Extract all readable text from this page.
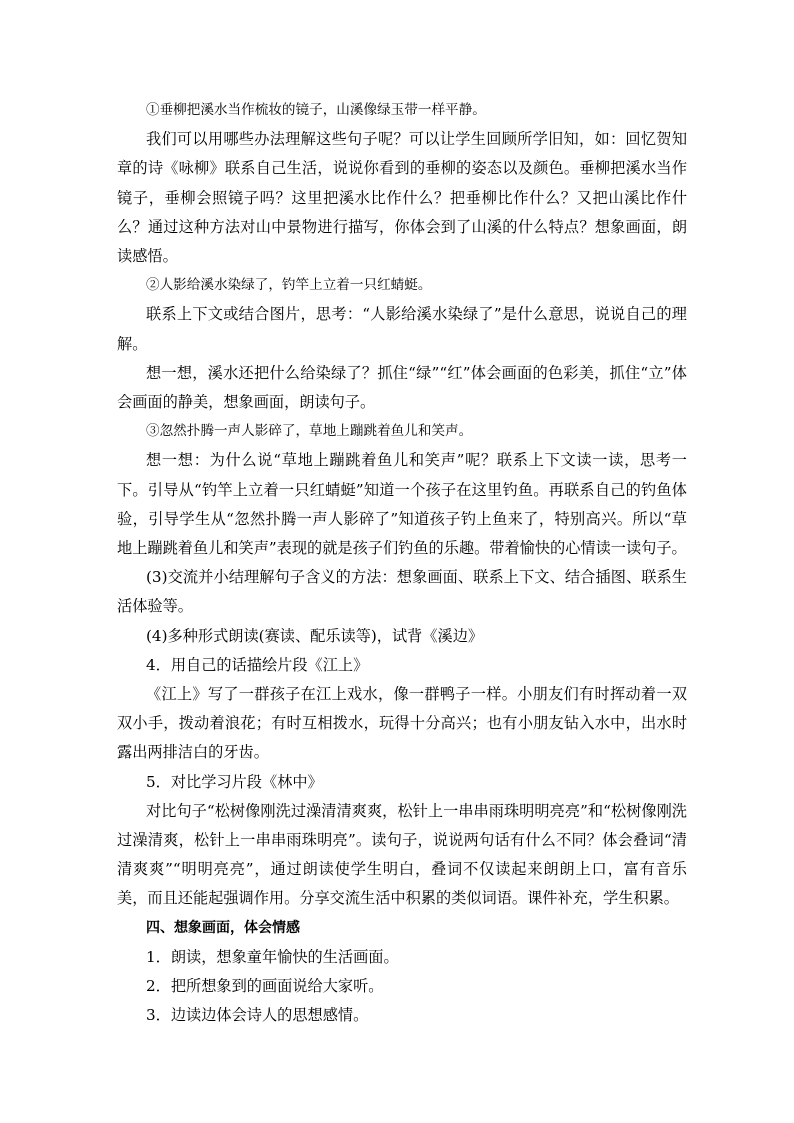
①垂柳把溪水当作梳妆的镜子，山溪像绿玉带一样平静。

我们可以用哪些办法理解这些句子呢？可以让学生回顾所学旧知，如：回忆贺知章的诗《咏柳》联系自己生活，说说你看到的垂柳的姿态以及颜色。垂柳把溪水当作镜子，垂柳会照镜子吗？这里把溪水比作什么？把垂柳比作什么？又把山溪比作什么？通过这种方法对山中景物进行描写，你体会到了山溪的什么特点？想象画面，朗读感悟。

②人影给溪水染绿了，钓竿上立着一只红蜻蜓。

联系上下文或结合图片，思考：“人影给溪水染绿了”是什么意思，说说自己的理解。

想一想，溪水还把什么给染绿了？抓住“绿”“红”体会画面的色彩美，抓住“立”体会画面的静美，想象画面，朗读句子。

③忽然扑腾一声人影碎了，草地上蹦跳着鱼儿和笑声。

想一想：为什么说“草地上蹦跳着鱼儿和笑声”呢？联系上下文读一读，思考一下。引导从“钓竿上立着一只红蜻蜓”知道一个孩子在这里钓鱼。再联系自己的钓鱼体验，引导学生从“忽然扑腾一声人影碎了”知道孩子钓上鱼来了，特别高兴。所以“草地上蹦跳着鱼儿和笑声”表现的就是孩子们钓鱼的乐趣。带着愉快的心情读一读句子。

(3)交流并小结理解句子含义的方法：想象画面、联系上下文、结合插图、联系生活体验等。

(4)多种形式朗读(赛读、配乐读等)，试背《溪边》

4．用自己的话描绘片段《江上》

《江上》写了一群孩子在江上戏水，像一群鸭子一样。小朋友们有时挥动着一双双小手，拨动着浪花；有时互相拨水，玩得十分高兴；也有小朋友钻入水中，出水时露出两排洁白的牙齿。

5．对比学习片段《林中》

对比句子“松树像刚洗过澡清清爽爽，松针上一串串雨珠明明亮亮”和“松树像刚洗过澡清爽，松针上一串串雨珠明亮”。读句子，说说两句话有什么不同？体会叠词“清清爽爽”“明明亮亮”，通过朗读使学生明白，叠词不仅读起来朗朗上口，富有音乐美，而且还能起强调作用。分享交流生活中积累的类似词语。课件补充，学生积累。

四、想象画面，体会情感

1．朗读，想象童年愉快的生活画面。

2．把所想象到的画面说给大家听。

3．边读边体会诗人的思想感情。
